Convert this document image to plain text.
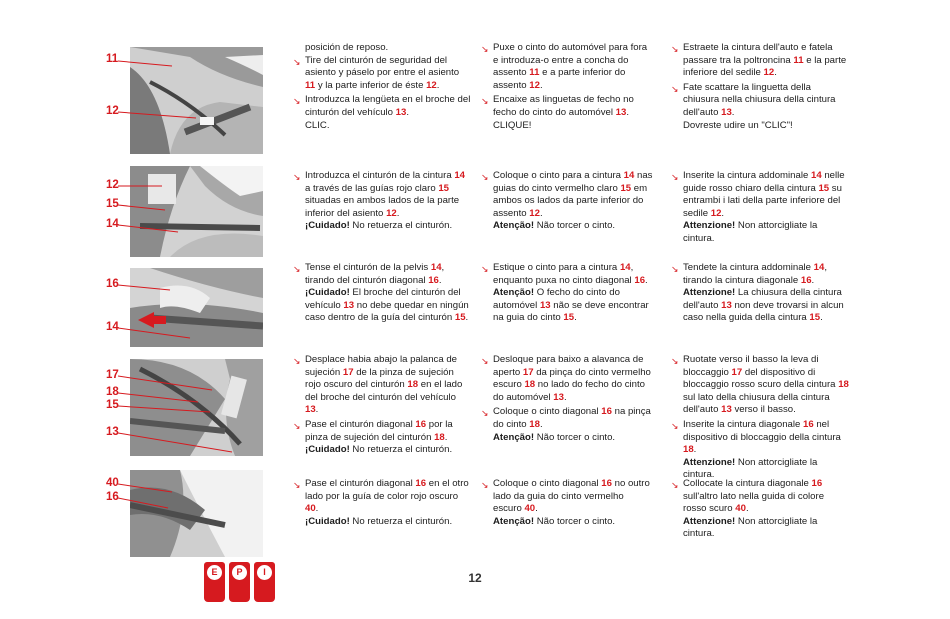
11
12
12
15
14
16
14
17
18
15
13
40
16
posición de reposo.
↘ Tire del cinturón de seguridad del asiento y páselo por entre el asiento 11 y la parte inferior de éste 12.
↘ Introduzca la lengüeta en el broche del cinturón del vehículo 13.
CLIC.
↘ Introduzca el cinturón de la cintura 14 a través de las guías rojo claro 15 situadas en ambos lados de la parte inferior del asiento 12.
¡Cuidado! No retuerza el cinturón.
↘ Tense el cinturón de la pelvis 14, tirando del cinturón diagonal 16.
¡Cuidado! El broche del cinturón del vehículo 13 no debe quedar en ningún caso dentro de la guía del cinturón 15.
↘ Desplace habia abajo la palanca de sujeción 17 de la pinza de sujeción rojo oscuro del cinturón 18 en el lado del broche del cinturón del vehículo 13.
↘ Pase el cinturón diagonal 16 por la pinza de sujeción del cinturón 18.
¡Cuidado! No retuerza el cinturón.
↘ Pase el cinturón diagonal 16 en el otro lado por la guía de color rojo oscuro 40.
¡Cuidado! No retuerza el cinturón.
↘ Puxe o cinto do automóvel para fora e introduza-o entre a concha do assento 11 e a parte inferior do assento 12.
↘ Encaixe as linguetas de fecho no fecho do cinto do automóvel 13.
CLIQUE!
↘ Coloque o cinto para a cintura 14 nas guias do cinto vermelho claro 15 em ambos os lados da parte inferior do assento 12.
Atenção! Não torcer o cinto.
↘ Estique o cinto para a cintura 14, enquanto puxa no cinto diagonal 16.
Atenção! O fecho do cinto do automóvel 13 não se deve encontrar na guia do cinto 15.
↘ Desloque para baixo a alavanca de aperto 17 da pinça do cinto vermelho escuro 18 no lado do fecho do cinto do automóvel 13.
↘ Coloque o cinto diagonal 16 na pinça do cinto 18.
Atenção! Não torcer o cinto.
↘ Coloque o cinto diagonal 16 no outro lado da guia do cinto vermelho escuro 40.
Atenção! Não torcer o cinto.
↘ Estraete la cintura dell'auto e fatela passare tra la poltroncina 11 e la parte inferiore del sedile 12.
↘ Fate scattare la linguetta della chiusura nella chiusura della cintura dell'auto 13.
Dovreste udire un "CLIC"!
↘ Inserite la cintura addominale 14 nelle guide rosso chiaro della cintura 15 su entrambi i lati della parte inferiore del sedile 12.
Attenzione! Non attorcigliate la cintura.
↘ Tendete la cintura addominale 14, tirando la cintura diagonale 16.
Attenzione! La chiusura della cintura dell'auto 13 non deve trovarsi in alcun caso nella guida della cintura 15.
↘ Ruotate verso il basso la leva di bloccaggio 17 del dispositivo di bloccaggio rosso scuro della cintura 18 sul lato della chiusura della cintura dell'auto 13 verso il basso.
↘ Inserite la cintura diagonale 16 nel dispositivo di bloccaggio della cintura 18.
Attenzione! Non attorcigliate la cintura.
↘ Collocate la cintura diagonale 16 sull'altro lato nella guida di colore rosso scuro 40.
Attenzione! Non attorcigliate la cintura.
12
E	P	I
